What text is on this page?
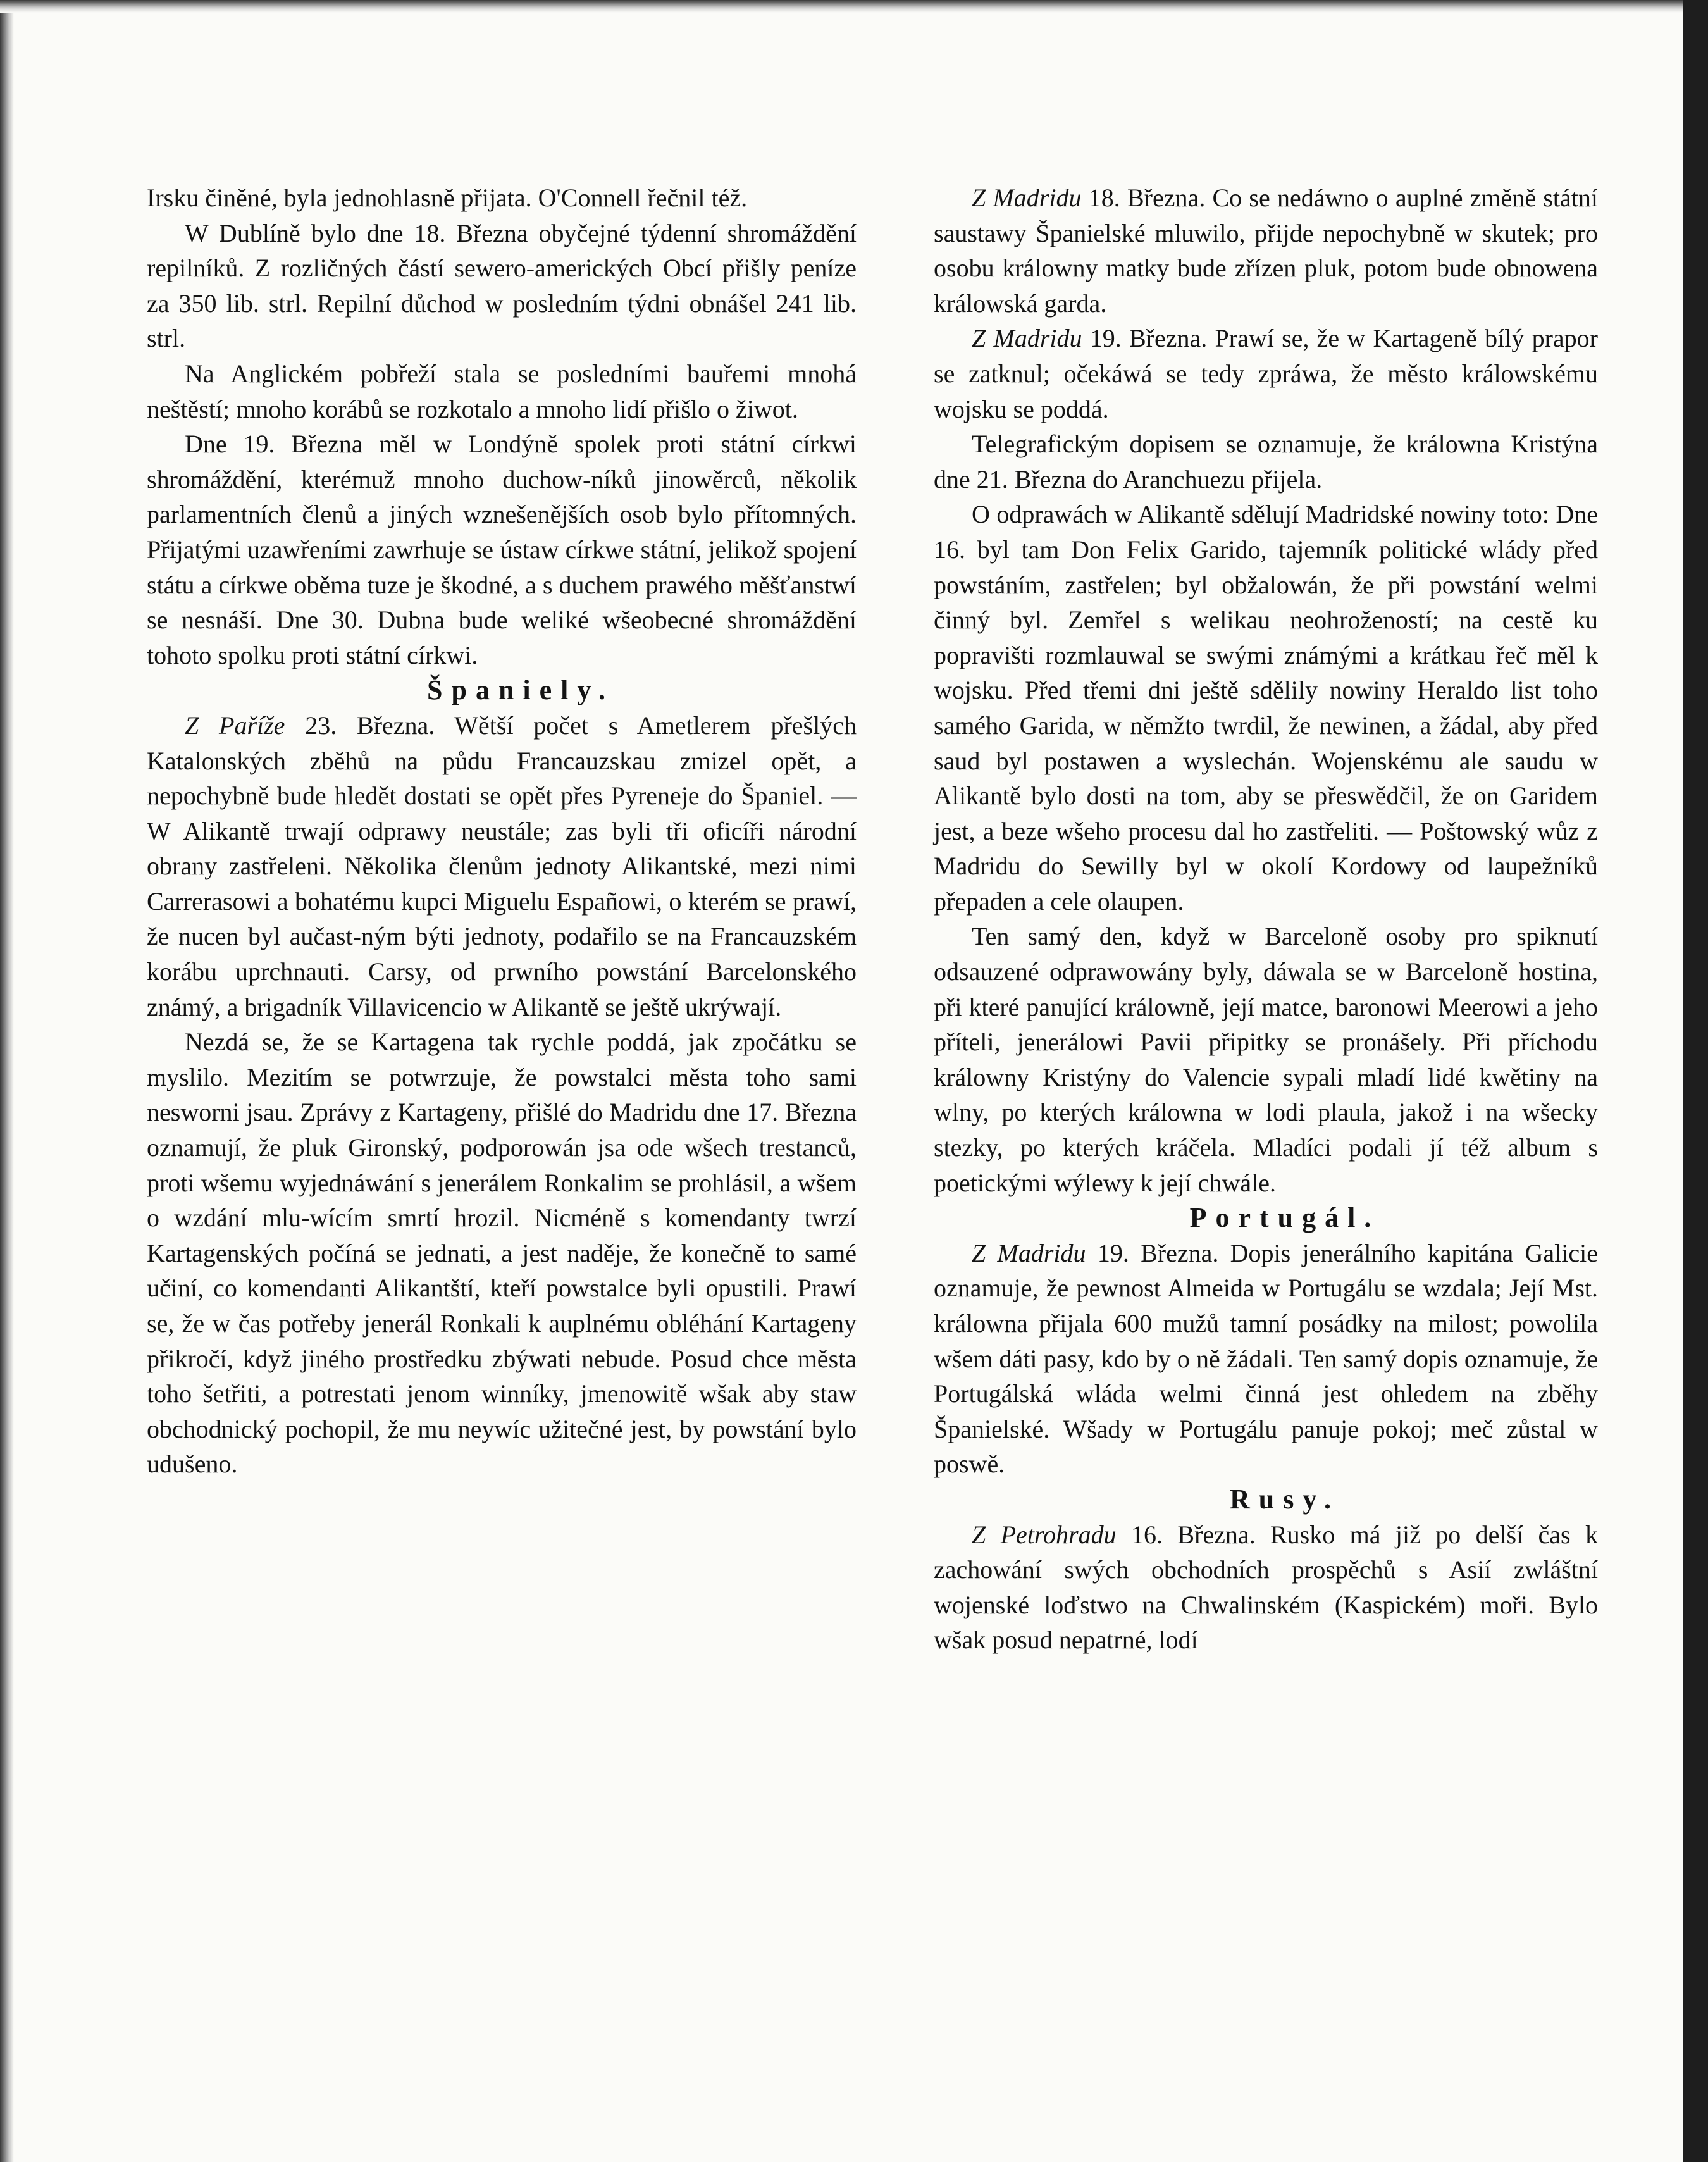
Irsku činěné, byla jednohlasně přijata. O'Connell řečnil též.

W Dublíně bylo dne 18. Března obyčejné týdenní shromáždění repilníků. Z rozličných částí sewero-amerických Obcí přišly peníze za 350 lib. strl. Repilní důchod w posledním týdni obnášel 241 lib. strl.

Na Anglickém pobřeží stala se posledními bauřemi mnohá neštěstí; mnoho korábů se rozkotalo a mnoho lidí přišlo o žiwot.

Dne 19. Března měl w Londýně spolek proti státní církwi shromáždění, kterémuž mnoho duchow-níků jinowěrců, několik parlamentních členů a jiných wznešenějších osob bylo přítomných. Přijatými uzawřeními zawrhuje se ústaw církwe státní, jelikož spojení státu a církwe oběma tuze je škodné, a s duchem prawého měšťanstwí se nesnáší. Dne 30. Dubna bude weliké wšeobecné shromáždění tohoto spolku proti státní církwi.

Španiely.

Z Paříže 23. Března. Wětší počet s Ametlerem přešlých Katalonských zběhů na půdu Francauzskau zmizel opět, a nepochybně bude hledět dostati se opět přes Pyreneje do Španiel. — W Alikantě trwají odprawy neustále; zas byli tři oficíři národní obrany zastřeleni. Několika členům jednoty Alikantské, mezi nimi Carrerasowi a bohatému kupci Miguelu Españowi, o kterém se prawí, že nucen byl aučast-ným býti jednoty, podařilo se na Francauzském korábu uprchnauti. Carsy, od prwního powstání Barcelonského známý, a brigadník Villavicencio w Alikantě se ještě ukrýwají.

Nezdá se, že se Kartagena tak rychle poddá, jak zpočátku se myslilo. Mezitím se potwrzuje, že powstalci města toho sami nesworni jsau. Zprávy z Kartageny, přišlé do Madridu dne 17. Března oznamují, že pluk Gironský, podporowán jsa ode wšech trestanců, proti wšemu wyjednáwání s jenerálem Ronkalim se prohlásil, a wšem o wzdání mlu-wícím smrtí hrozil. Nicméně s komendanty twrzí Kartagenských počíná se jednati, a jest naděje, že konečně to samé učiní, co komendanti Alikantští, kteří powstalce byli opustili. Prawí se, že w čas potřeby jenerál Ronkali k auplnému obléhání Kartageny přikročí, když jiného prostředku zbýwati nebude. Posud chce města toho šetřiti, a potrestati jenom winníky, jmenowitě wšak aby staw obchodnický pochopil, že mu neywíc užitečné jest, by powstání bylo udušeno.

Z Madridu 18. Března. Co se nedáwno o auplné změně státní saustawy Španielské mluwilo, přijde nepochybně w skutek; pro osobu králowny matky bude zřízen pluk, potom bude obnowena králowská garda.

Z Madridu 19. Března. Prawí se, že w Kartageně bílý prapor se zatknul; očekáwá se tedy zpráwa, že město králowskému wojsku se poddá.

Telegrafickým dopisem se oznamuje, že králowna Kristýna dne 21. Března do Aranchuezu přijela.

O odprawách w Alikantě sdělují Madridské nowiny toto: Dne 16. byl tam Don Felix Garido, tajemník politické wlády před powstáním, zastřelen; byl obžalowán, že při powstání welmi činný byl. Zemřel s welikau neohrožeností; na cestě ku popravišti rozmlauwal se swými známými a krátkau řeč měl k wojsku. Před třemi dni ještě sdělily nowiny Heraldo list toho samého Garida, w němžto twrdil, že newinen, a žádal, aby před saud byl postawen a wyslechán. Wojenskému ale saudu w Alikantě bylo dosti na tom, aby se přeswědčil, že on Garidem jest, a beze wšeho procesu dal ho zastřeliti. — Poštowský wůz z Madridu do Sewilly byl w okolí Kordowy od laupežníků přepaden a cele olaupen.

Ten samý den, když w Barceloně osoby pro spiknutí odsauzené odprawowány byly, dáwala se w Barceloně hostina, při které panující králowně, její matce, baronowi Meerowi a jeho příteli, jenerálowi Pavii připitky se pronášely. Při příchodu králowny Kristýny do Valencie sypali mladí lidé kwětiny na wlny, po kterých králowna w lodi plaula, jakož i na wšecky stezky, po kterých kráčela. Mladíci podali jí též album s poetickými wýlewy k její chwále.

Portugál.

Z Madridu 19. Března. Dopis jenerálního kapitána Galicie oznamuje, že pewnost Almeida w Portugálu se wzdala; Její Mst. králowna přijala 600 mužů tamní posádky na milost; powolila wšem dáti pasy, kdo by o ně žádali. Ten samý dopis oznamuje, že Portugálská wláda welmi činná jest ohledem na zběhy Španielské. Wšady w Portugálu panuje pokoj; meč zůstal w poswě.

Rusy.

Z Petrohradu 16. Března. Rusko má již po delší čas k zachowání swých obchodních prospěchů s Asií zwláštní wojenské loďstwo na Chwalinském (Kaspickém) moři. Bylo wšak posud nepatrné, lodí
